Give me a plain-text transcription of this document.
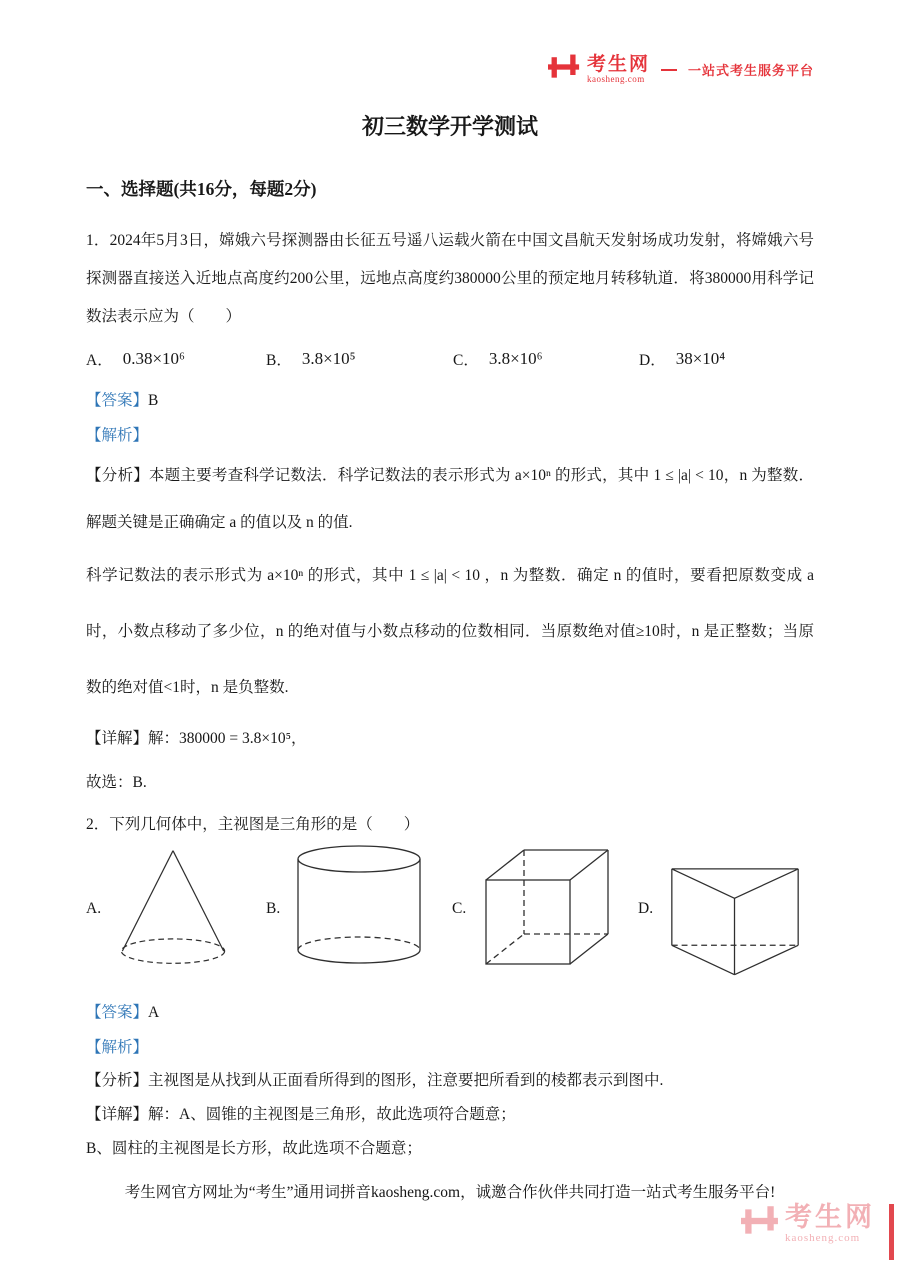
考生网
kaosheng.com
一站式考生服务平台
初三数学开学测试
一、选择题(共16分，每题2分)

1．2024年5月3日，嫦娥六号探测器由长征五号遥八运载火箭在中国文昌航天发射场成功发射，将嫦娥六号探测器直接送入近地点高度约200公里，远地点高度约380000公里的预定地月转移轨道．将380000用科学记数法表示应为（　　）

A． 0.38×10⁶	B． 3.8×10⁵	C． 3.8×10⁶	D． 38×10⁴

【答案】B

【解析】

【分析】本题主要考查科学记数法．科学记数法的表示形式为 a×10ⁿ 的形式，其中 1 ≤ |a| < 10，n 为整数．解题关键是正确确定 a 的值以及 n 的值.

科学记数法的表示形式为 a×10ⁿ 的形式，其中 1 ≤ |a| < 10 ，n 为整数．确定 n 的值时，要看把原数变成 a 时，小数点移动了多少位，n 的绝对值与小数点移动的位数相同．当原数绝对值≥10时，n 是正整数；当原数的绝对值<1时，n 是负整数.

【详解】解：380000 = 3.8×10⁵，

故选：B.

2．下列几何体中，主视图是三角形的是（　　）

A.	B.	C.	D.

【答案】A

【解析】

【分析】主视图是从找到从正面看所得到的图形，注意要把所看到的棱都表示到图中.

【详解】解：A、圆锥的主视图是三角形，故此选项符合题意；

B、圆柱的主视图是长方形，故此选项不合题意；

考生网官方网址为“考生”通用词拼音kaosheng.com，诚邀合作伙伴共同打造一站式考生服务平台!
考生网
kaosheng.com
